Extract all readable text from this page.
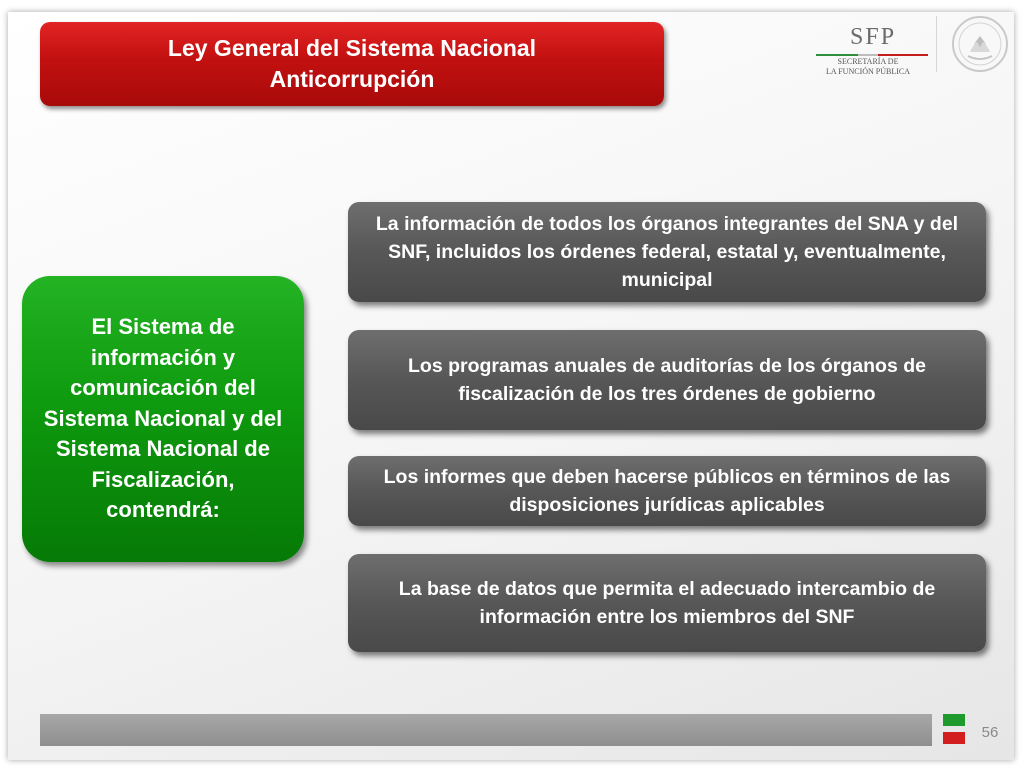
Ley General del Sistema Nacional Anticorrupción
SFP
SECRETARÍA DE
LA FUNCIÓN PÚBLICA
El Sistema de información y comunicación del Sistema Nacional y del Sistema Nacional de Fiscalización, contendrá:
La información de todos los órganos integrantes del SNA y del SNF, incluidos los órdenes federal, estatal y, eventualmente, municipal
Los programas anuales de auditorías de los órganos de fiscalización de los tres órdenes de gobierno
Los informes que deben hacerse públicos en términos de las disposiciones jurídicas aplicables
La base de datos que permita el adecuado intercambio de información entre los miembros del SNF
56
